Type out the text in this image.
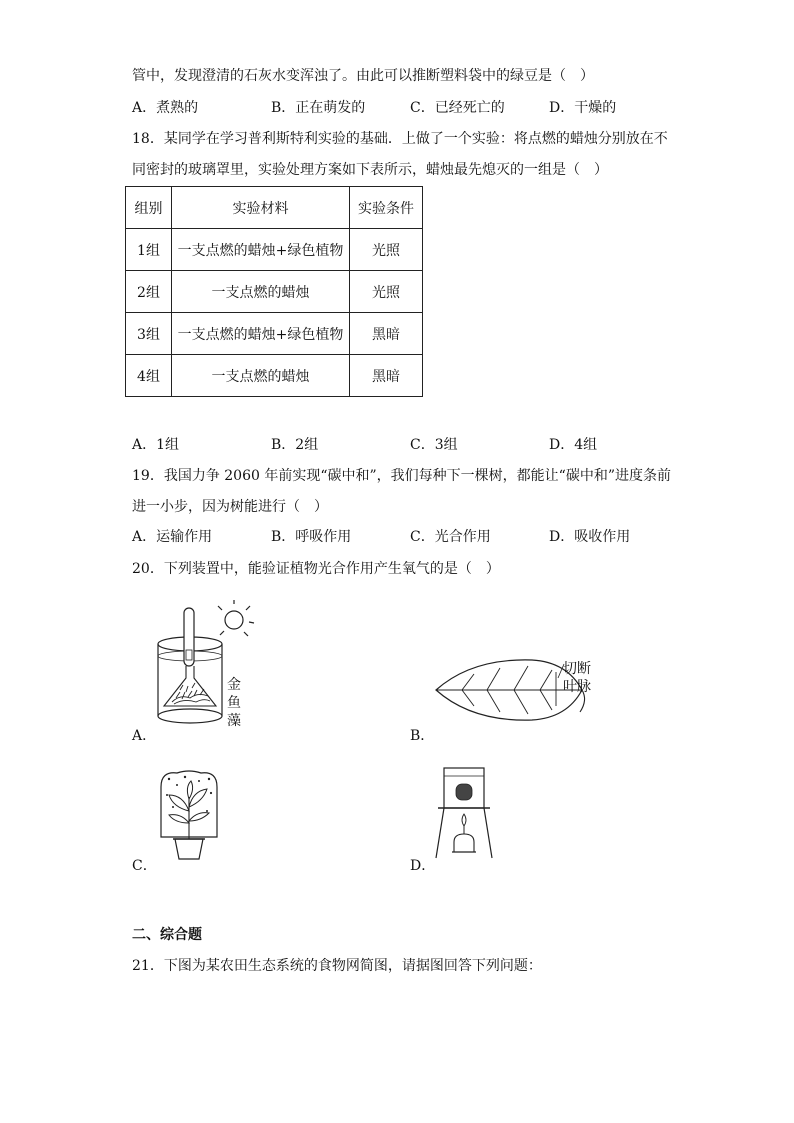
管中，发现澄清的石灰水变浑浊了。由此可以推断塑料袋中的绿豆是（　）
A．煮熟的	B．正在萌发的	C．已经死亡的	D．干燥的
18．某同学在学习普利斯特利实验的基础．上做了一个实验：将点燃的蜡烛分别放在不
同密封的玻璃罩里，实验处理方案如下表所示，蜡烛最先熄灭的一组是（　）
组别	实验材料	实验条件
1组	一支点燃的蜡烛+绿色植物	光照
2组	一支点燃的蜡烛	光照
3组	一支点燃的蜡烛+绿色植物	黑暗
4组	一支点燃的蜡烛	黑暗
A．1组	B．2组	C．3组	D．4组
19．我国力争 2060 年前实现“碳中和”，我们每种下一棵树，都能让“碳中和”进度条前
进一小步，因为树能进行（　）
A．运输作用	B．呼吸作用	C．光合作用	D．吸收作用
20．下列装置中，能验证植物光合作用产生氧气的是（　）
金
鱼
藻
A．
切断
叶脉
B．
C．	D．
二、综合题
21．下图为某农田生态系统的食物网简图，请据图回答下列问题：
